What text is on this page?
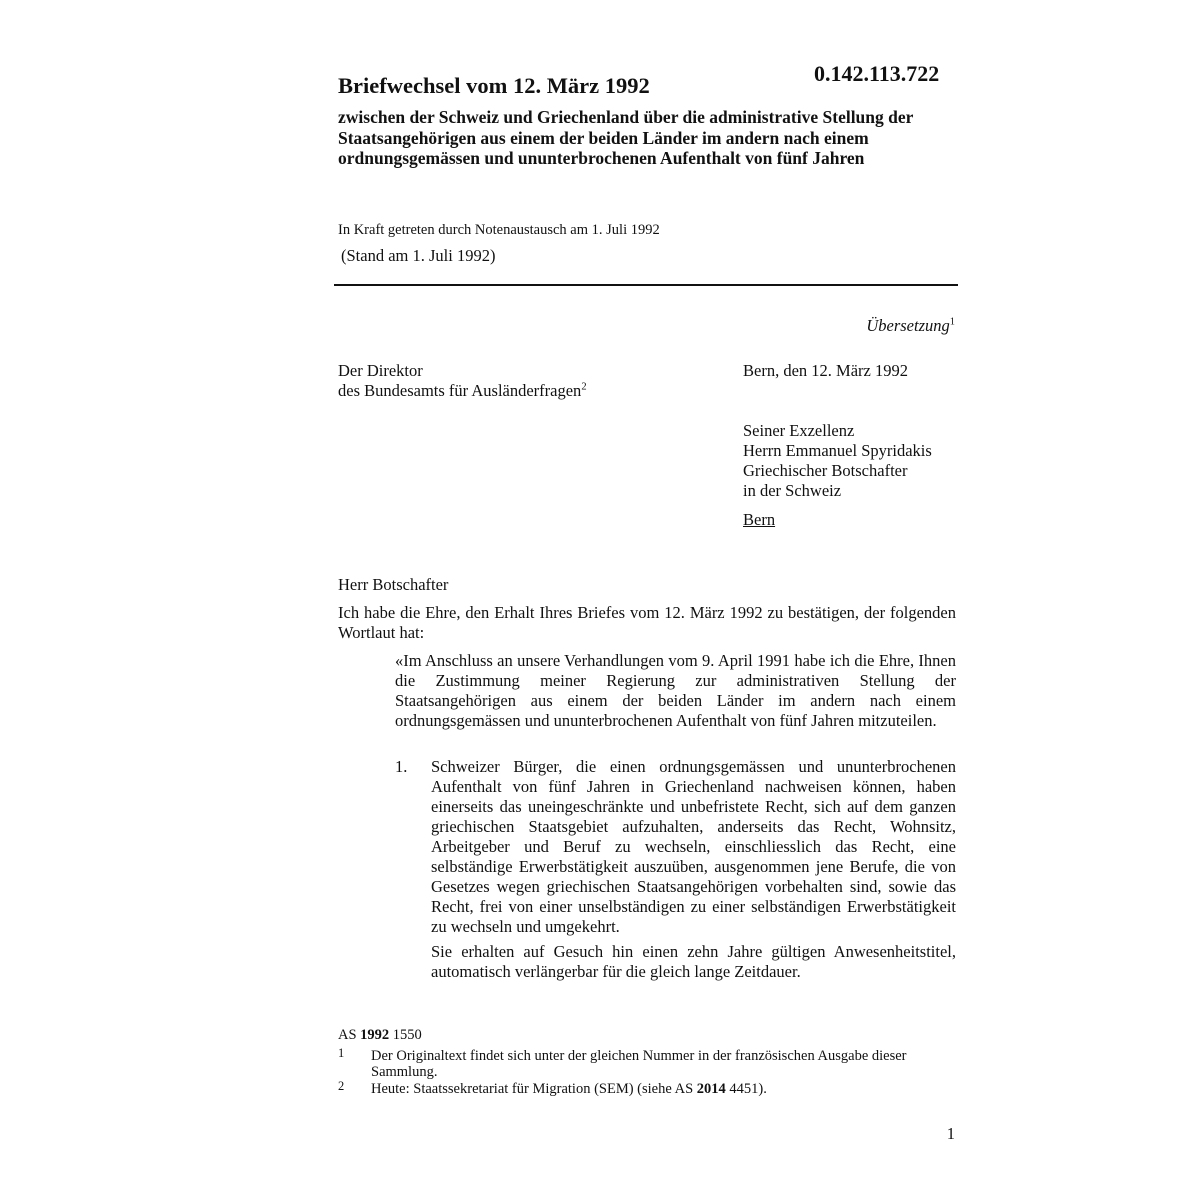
Briefwechsel vom 12. März 1992	0.142.113.722
zwischen der Schweiz und Griechenland über die administrative Stellung der Staatsangehörigen aus einem der beiden Länder im andern nach einem ordnungsgemässen und ununterbrochenen Aufenthalt von fünf Jahren
In Kraft getreten durch Notenaustausch am 1. Juli 1992
(Stand am 1. Juli 1992)
Übersetzung$^1$
Der Direktor
des Bundesamts für Ausländerfragen$^2$
Bern, den 12. März 1992
Seiner Exzellenz
Herrn Emmanuel Spyridakis
Griechischer Botschafter
in der Schweiz
Bern
Herr Botschafter

Ich habe die Ehre, den Erhalt Ihres Briefes vom 12. März 1992 zu bestätigen, der folgenden Wortlaut hat:

«Im Anschluss an unsere Verhandlungen vom 9. April 1991 habe ich die Ehre, Ihnen die Zustimmung meiner Regierung zur administrativen Stellung der Staatsangehörigen aus einem der beiden Länder im andern nach einem ordnungsgemässen und ununterbrochenen Aufenthalt von fünf Jahren mitzuteilen.

1. Schweizer Bürger, die einen ordnungsgemässen und ununterbrochenen Aufenthalt von fünf Jahren in Griechenland nachweisen können, haben einerseits das uneingeschränkte und unbefristete Recht, sich auf dem ganzen griechischen Staatsgebiet aufzuhalten, anderseits das Recht, Wohnsitz, Arbeitgeber und Beruf zu wechseln, einschliesslich das Recht, eine selbständige Erwerbstätigkeit auszuüben, ausgenommen jene Berufe, die von Gesetzes wegen griechischen Staatsangehörigen vorbehalten sind, sowie das Recht, frei von einer unselbständigen zu einer selbständigen Erwerbstätigkeit zu wechseln und umgekehrt.

Sie erhalten auf Gesuch hin einen zehn Jahre gültigen Anwesenheitstitel, automatisch verlängerbar für die gleich lange Zeitdauer.

AS 1992 1550
1 Der Originaltext findet sich unter der gleichen Nummer in der französischen Ausgabe dieser Sammlung.

2 Heute: Staatssekretariat für Migration (SEM) (siehe AS 2014 4451).

1
